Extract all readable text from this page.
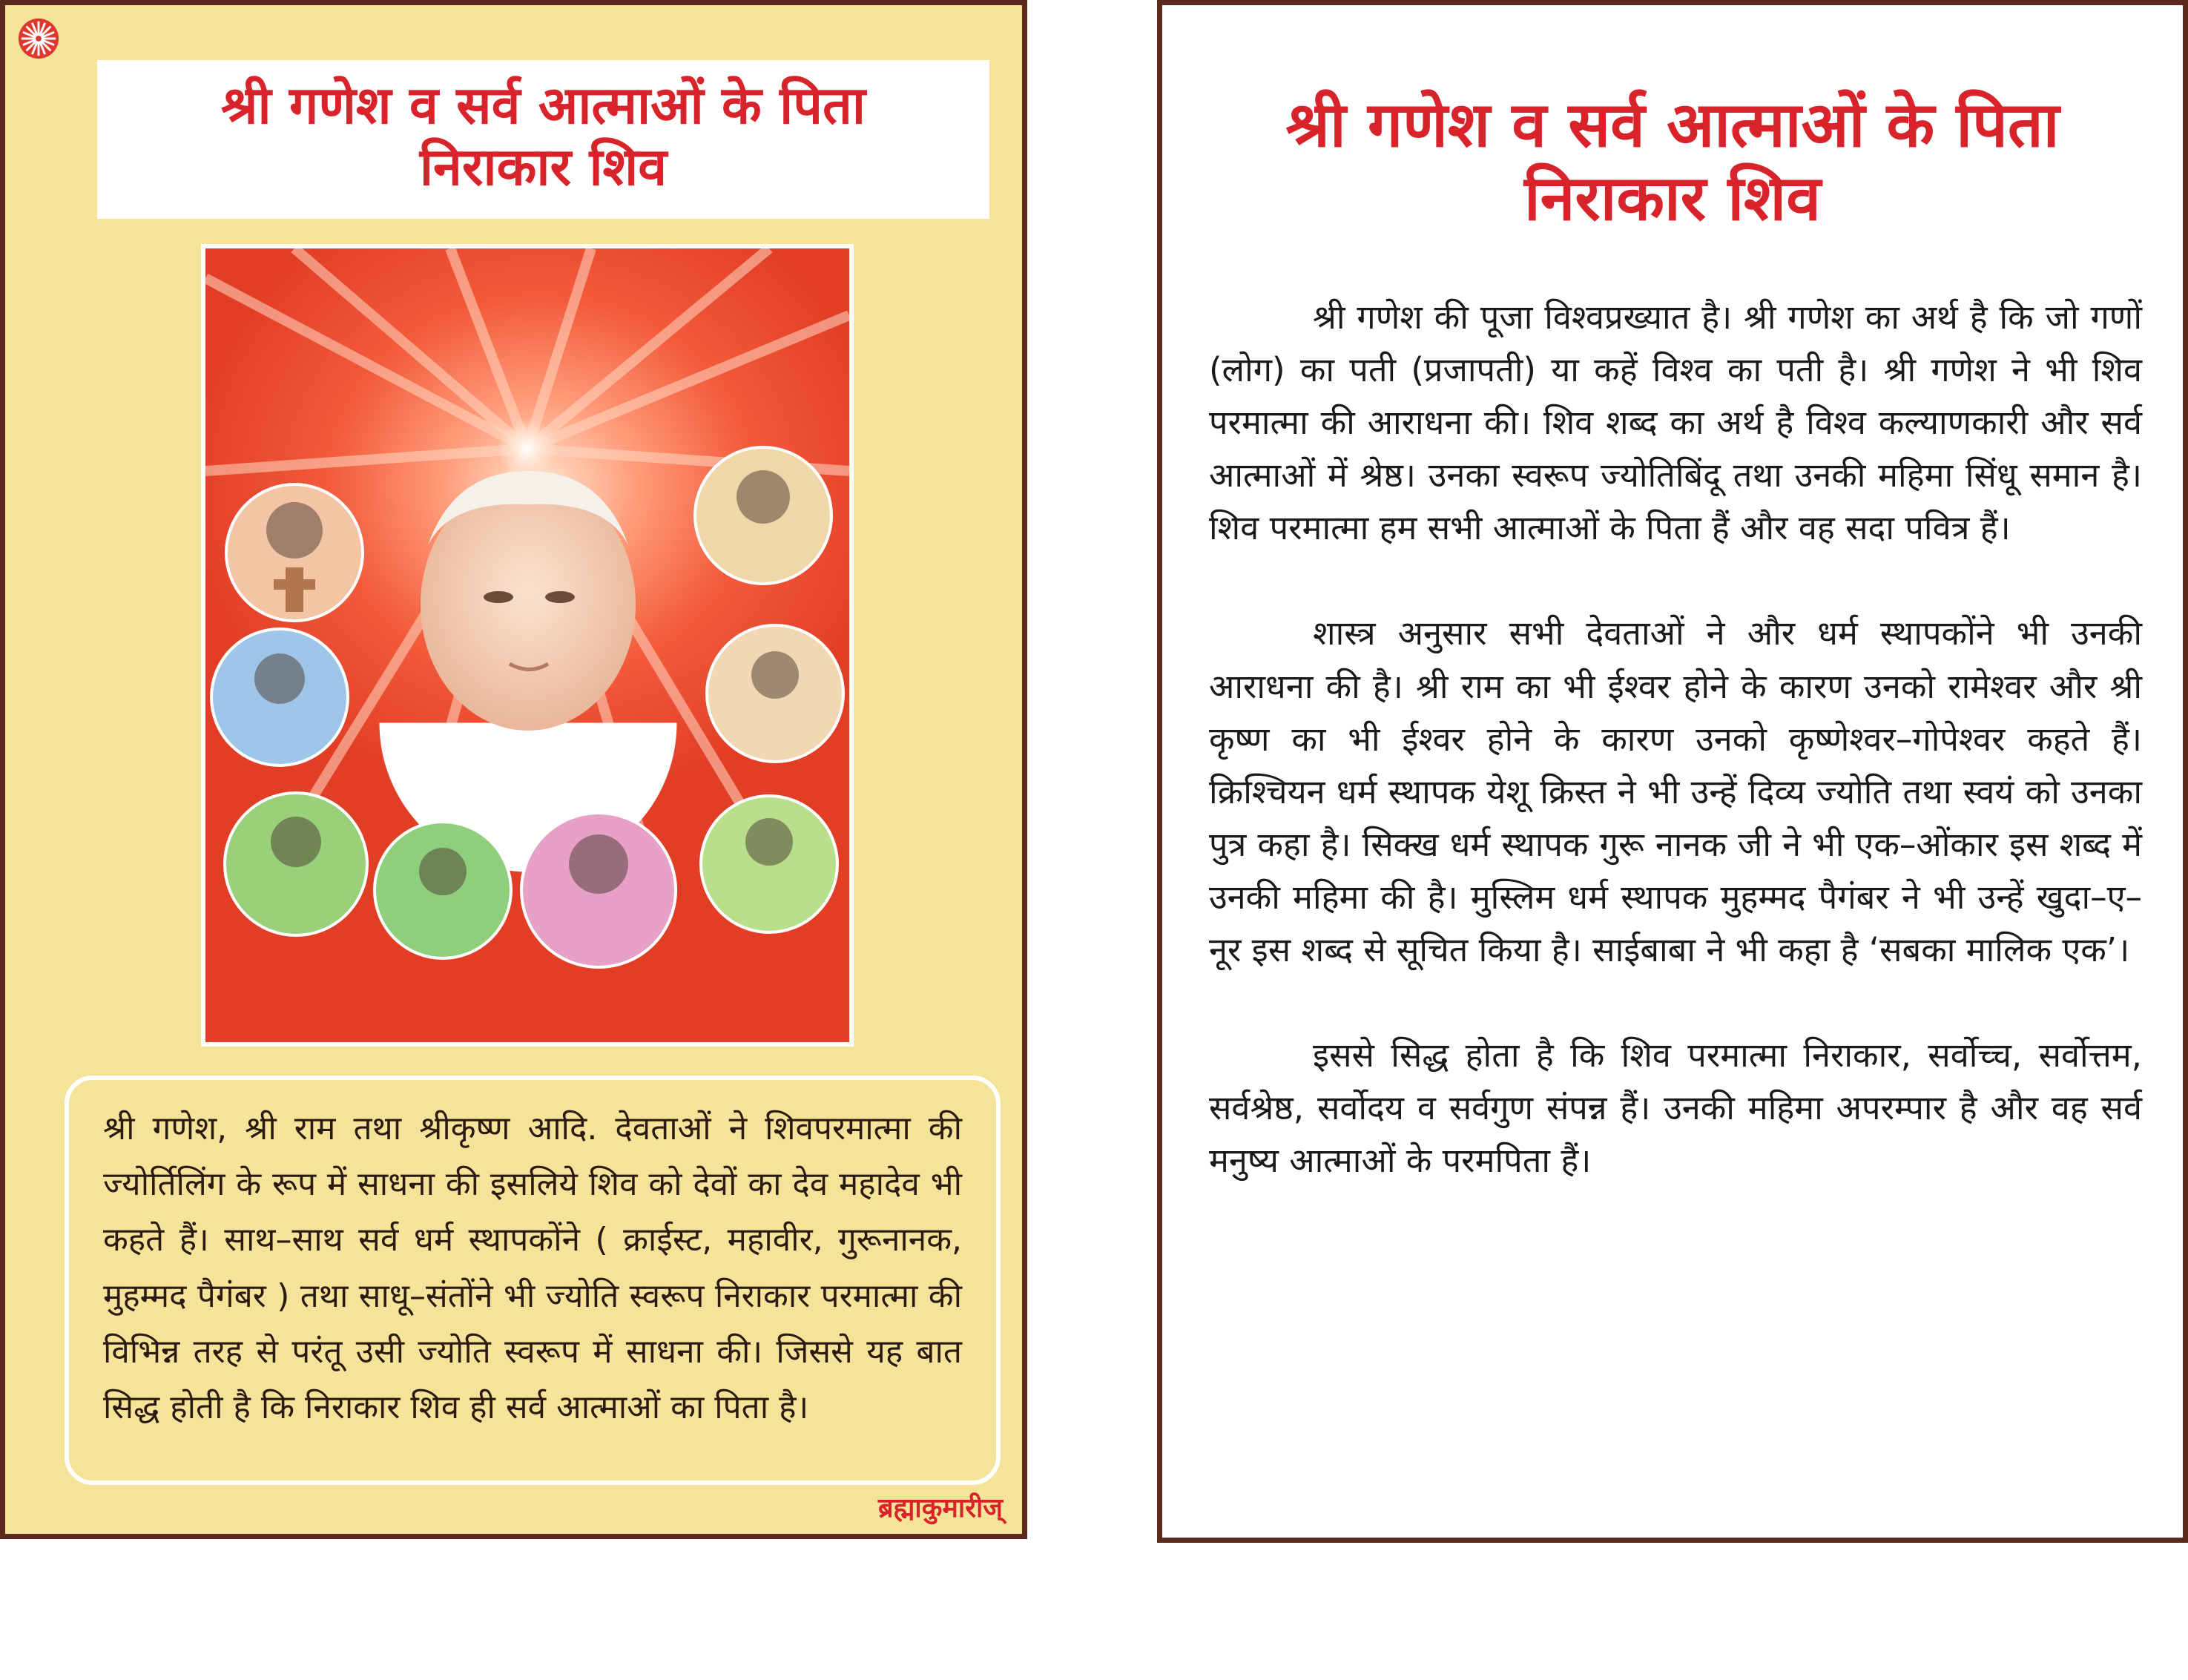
श्री गणेश व सर्व आत्माओं के पिता
निराकार शिव

श्री गणेश, श्री राम तथा श्रीकृष्ण आदि. देवताओं ने शिवपरमात्मा की ज्योर्तिलिंग के रूप में साधना की इसलिये शिव को देवों का देव महादेव भी कहते हैं। साथ–साथ सर्व धर्म स्थापकोंने ( क्राईस्ट, महावीर, गुरूनानक, मुहम्मद पैगंबर ) तथा साधू–संतोंने भी ज्योति स्वरूप निराकार परमात्मा की विभिन्न तरह से परंतू उसी ज्योति स्वरूप में साधना की। जिससे यह बात सिद्ध होती है कि निराकार शिव ही सर्व आत्माओं का पिता है।

ब्रह्माकुमारीज्
श्री गणेश व सर्व आत्माओं के पिता
निराकार शिव

श्री गणेश की पूजा विश्वप्रख्यात है। श्री गणेश का अर्थ है कि जो गणों (लोग) का पती (प्रजापती) या कहें विश्व का पती है। श्री गणेश ने भी शिव परमात्मा की आराधना की। शिव शब्द का अर्थ है विश्व कल्याणकारी और सर्व आत्माओं में श्रेष्ठ। उनका स्वरूप ज्योतिबिंदू तथा उनकी महिमा सिंधू समान है। शिव परमात्मा हम सभी आत्माओं के पिता हैं और वह सदा पवित्र हैं।

शास्त्र अनुसार सभी देवताओं ने और धर्म स्थापकोंने भी उनकी आराधना की है। श्री राम का भी ईश्वर होने के कारण उनको रामेश्वर और श्री कृष्ण का भी ईश्वर होने के कारण उनको कृष्णेश्वर–गोपेश्वर कहते हैं। क्रिश्चियन धर्म स्थापक येशू क्रिस्त ने भी उन्हें दिव्य ज्योति तथा स्वयं को उनका पुत्र कहा है। सिक्ख धर्म स्थापक गुरू नानक जी ने भी एक–ओंकार इस शब्द में उनकी महिमा की है। मुस्लिम धर्म स्थापक मुहम्मद पैगंबर ने भी उन्हें खुदा–ए–नूर इस शब्द से सूचित किया है। साईबाबा ने भी कहा है ‘सबका मालिक एक’।

इससे सिद्ध होता है कि शिव परमात्मा निराकार, सर्वोच्च, सर्वोत्तम, सर्वश्रेष्ठ, सर्वोदय व सर्वगुण संपन्न हैं। उनकी महिमा अपरम्पार है और वह सर्व मनुष्य आत्माओं के परमपिता हैं।
